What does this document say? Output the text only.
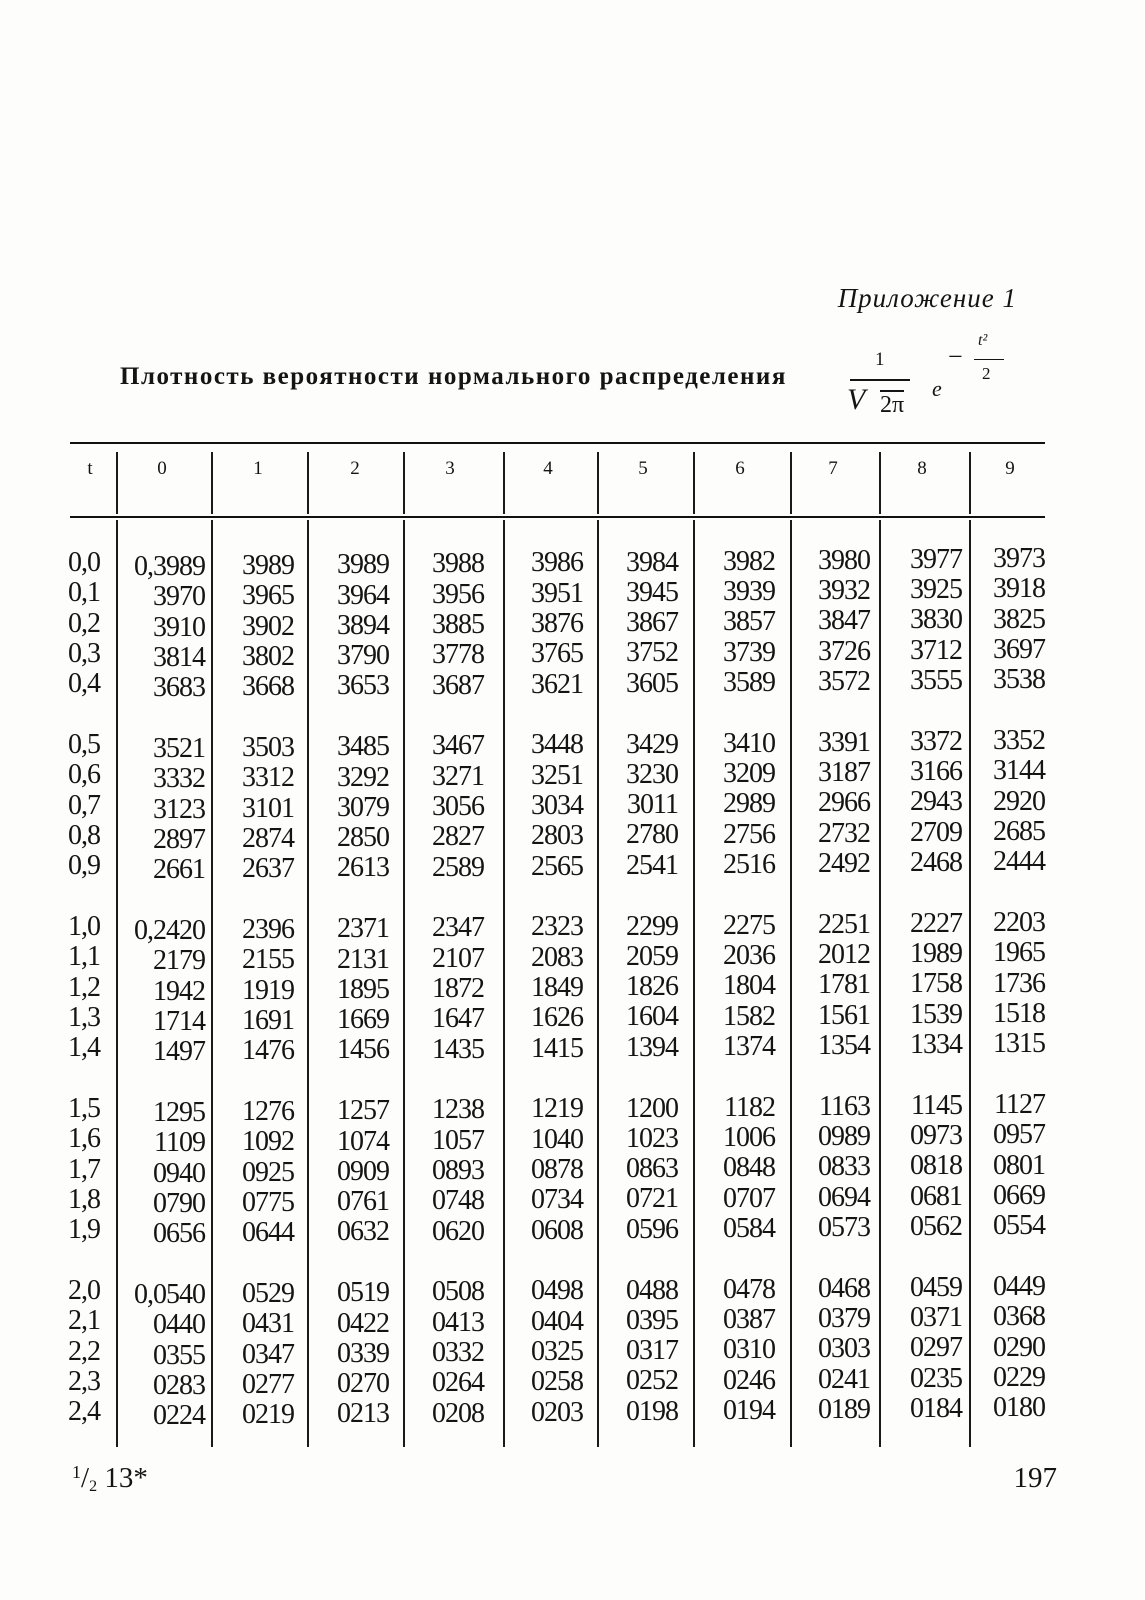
Приложение 1
Плотность вероятности нормального распределения
1
V 2π
e
−
t²
2
t	0	1	2	3	4	5	6	7	8	9
0,0	0,3989	3989	3989	3988	3986	3984	3982	3980	3977	3973
0,1	3970	3965	3964	3956	3951	3945	3939	3932	3925	3918
0,2	3910	3902	3894	3885	3876	3867	3857	3847	3830	3825
0,3	3814	3802	3790	3778	3765	3752	3739	3726	3712	3697
0,4	3683	3668	3653	3687	3621	3605	3589	3572	3555	3538
0,5	3521	3503	3485	3467	3448	3429	3410	3391	3372	3352
0,6	3332	3312	3292	3271	3251	3230	3209	3187	3166	3144
0,7	3123	3101	3079	3056	3034	3011	2989	2966	2943	2920
0,8	2897	2874	2850	2827	2803	2780	2756	2732	2709	2685
0,9	2661	2637	2613	2589	2565	2541	2516	2492	2468	2444
1,0	0,2420	2396	2371	2347	2323	2299	2275	2251	2227	2203
1,1	2179	2155	2131	2107	2083	2059	2036	2012	1989	1965
1,2	1942	1919	1895	1872	1849	1826	1804	1781	1758	1736
1,3	1714	1691	1669	1647	1626	1604	1582	1561	1539	1518
1,4	1497	1476	1456	1435	1415	1394	1374	1354	1334	1315
1,5	1295	1276	1257	1238	1219	1200	1182	1163	1145	1127
1,6	1109	1092	1074	1057	1040	1023	1006	0989	0973	0957
1,7	0940	0925	0909	0893	0878	0863	0848	0833	0818	0801
1,8	0790	0775	0761	0748	0734	0721	0707	0694	0681	0669
1,9	0656	0644	0632	0620	0608	0596	0584	0573	0562	0554
2,0	0,0540	0529	0519	0508	0498	0488	0478	0468	0459	0449
2,1	0440	0431	0422	0413	0404	0395	0387	0379	0371	0368
2,2	0355	0347	0339	0332	0325	0317	0310	0303	0297	0290
2,3	0283	0277	0270	0264	0258	0252	0246	0241	0235	0229
2,4	0224	0219	0213	0208	0203	0198	0194	0189	0184	0180
$^1/_2$ 13*	197
